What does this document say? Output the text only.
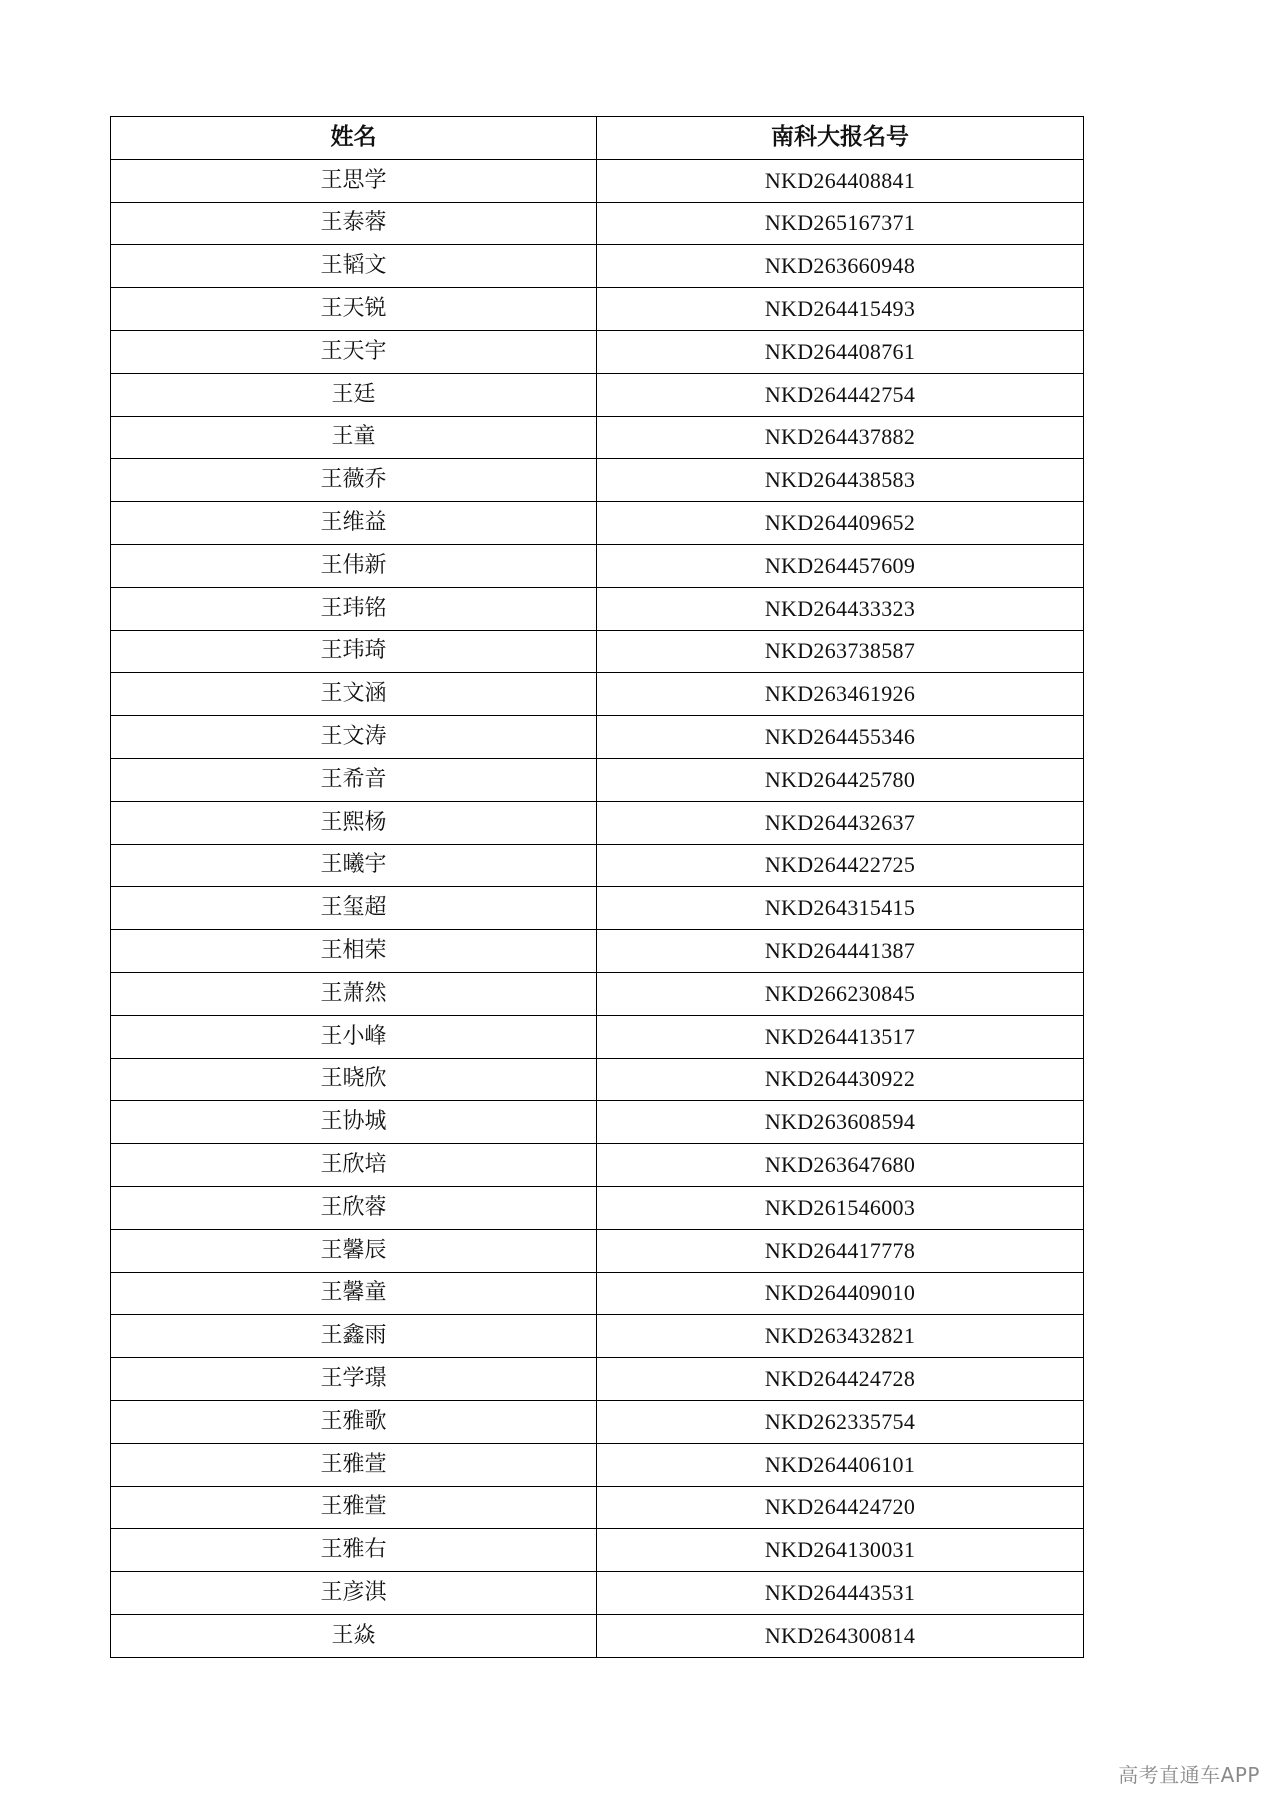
姓名	南科大报名号
王思学	NKD264408841
王泰蓉	NKD265167371
王韬文	NKD263660948
王天锐	NKD264415493
王天宇	NKD264408761
王廷	NKD264442754
王童	NKD264437882
王薇乔	NKD264438583
王维益	NKD264409652
王伟新	NKD264457609
王玮铭	NKD264433323
王玮琦	NKD263738587
王文涵	NKD263461926
王文涛	NKD264455346
王希音	NKD264425780
王熙杨	NKD264432637
王曦宇	NKD264422725
王玺超	NKD264315415
王相荣	NKD264441387
王萧然	NKD266230845
王小峰	NKD264413517
王晓欣	NKD264430922
王协城	NKD263608594
王欣培	NKD263647680
王欣蓉	NKD261546003
王馨辰	NKD264417778
王馨童	NKD264409010
王鑫雨	NKD263432821
王学璟	NKD264424728
王雅歌	NKD262335754
王雅萱	NKD264406101
王雅萱	NKD264424720
王雅右	NKD264130031
王彦淇	NKD264443531
王焱	NKD264300814
高考直通车APP
